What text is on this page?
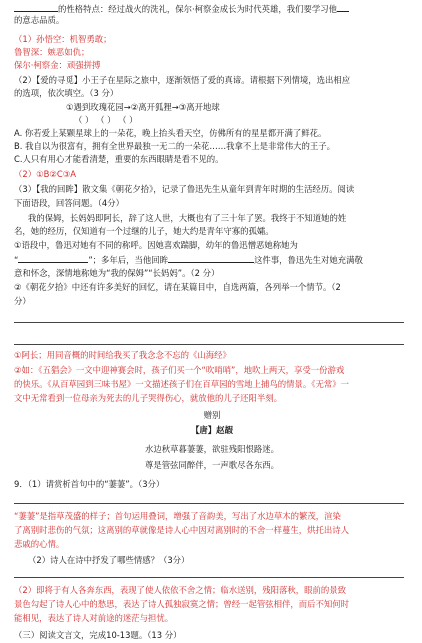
的性格特点：经过战火的洗礼，保尔·柯察金成长为时代英雄，我们要学习他
的意志品质。
（1）孙悟空：机智勇敢；
鲁智深：嫉恶如仇；
保尔·柯察金：顽强拼搏
（2）【爱的寻觅】小王子在星际之旅中，逐渐领悟了爱的真谛。请根据下列情境，选出相应
的选项，依次填空。（3 分）
①遇到玫瑰花园→②离开狐狸→③离开地球
（ ） （ ） （ ）
A. 你若爱上某颗星球上的一朵花，晚上抬头看天空，仿佛所有的星星都开满了鲜花。
B. 我自以为很富有，拥有全世界最独一无二的一朵花……我拿不上是非常伟大的王子。
C.人只有用心才能看清楚，重要的东西眼睛是看不见的。
（2）①B②C③A
（3）【我的回眸】散文集《朝花夕拾》，记录了鲁迅先生从童年到青年时期的生活经历。阅读
下面语段，回答问题。（4分）
我的保姆，长妈妈即阿长，辞了这人世，大概也有了三十年了罢。我终于不知道她的姓
名，她的经历，仅知道有一个过继的儿子，她大约是青年守寡的孤孀。
①语段中，鲁迅对她有不同的称呼。因她喜欢踹脚，幼年的鲁迅憎恶她称她为
“	”；多年后，当他回眸	这件事，鲁迅先生对她充满敬
意和怀念，深情地称她为“我的保姆”“长妈妈”。（2 分）
②《朝花夕拾》中还有许多美好的回忆，请在某篇目中，自选两篇，各列举一个情节。（2
分）
①阿长；用同音概的时间给我买了我念念不忘的《山海经》
②如：《五猖会》一文中迎神赛会时，孩子们买一个“吹哨哨”，地吹上两天，享受一份游戏
的快乐。《从百草园到三味书屋》一文描述孩子们在百草园的雪地上捕鸟的情景。《无常》一
文中无常看到一位母亲为死去的儿子哭得伤心，就放他的儿子还阳半刻。
赠别
【唐】赵嘏
水边秋草暮萋萋，欲驻残阳恨路迷。
尊是管弦同醉伴，一声歌尽各东西。
9．（1）请赏析首句中的“萋萋”。（3分）
“萋萋”是指草茂盛的样子；首句运用叠词，增强了音韵美，写出了水边草木的繁茂，渲染
了离别时悲伤的气氛；这离别的草就像是诗人心中因对离别时的不舍一样蔓生，烘托出诗人
悲戚的心情。
（2）诗人在诗中抒发了哪些情感？（3分）
（2）即将于有人各奔东西，表现了使人依依不舍之情；临水送别，残阳落秋，眼前的景致
景色勾起了诗人心中的愁思，表达了诗人孤独寂寞之情；曾经一起管弦相伴，而后不知何时
能相见，表达了诗人对前途的迷茫与担忧。
（三）阅读文言文，完成10-13题。（13 分）
